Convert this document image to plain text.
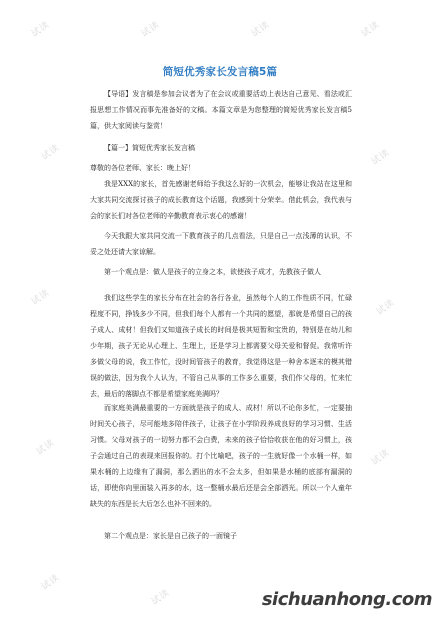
试读	试读	试读	试读
试读	试读
试读
试读
试读
试读
试读
试读
简短优秀家长发言稿5篇
【导语】发言稿是参加会议者为了在会议或重要活动上表达自己意见、看法或汇报思想工作情况而事先准备好的文稿。本篇文章是为您整理的简短优秀家长发言稿5篇，供大家阅读与鉴赏！
【篇一】简短优秀家长发言稿
尊敬的各位老师、家长：晚上好！
我是XXX的家长，首先感谢老师给予我这么好的一次机会，能够让我站在这里和大家共同交流探讨孩子的成长教育这个话题，我感到十分荣幸。借此机会，我代表与会的家长们对各位老师的辛勤教育表示衷心的感谢！
今天我跟大家共同交流一下教育孩子的几点看法，只是自己一点浅薄的认识，不妥之处还请大家谅解。
第一个观点是：做人是孩子的立身之本，欲使孩子成才，先教孩子做人
我们这些学生的家长分布在社会的各行各业，虽然每个人的工作性质不同，忙碌程度不同，挣钱多少不同，但我们每个人都有一个共同的愿望，那就是希望自己的孩子成人、成材！但我们又知道孩子成长的时间是极其短暂和宝贵的，特别是在幼儿和少年期，孩子无论从心理上、生理上，还是学习上都需要父母关爱和督促。我常听许多做父母的说，我工作忙，没时间管孩子的教育，我觉得这是一种舍本逐末的模其错误的做法，因为我个人认为，不管自己从事的工作多么重要，我们作父母的，忙来忙去，最后的落脚点不都是希望家庭美满吗？
而家庭美满最重要的一方面就是孩子的成人、成材！所以不论你多忙，一定要抽时间关心孩子，尽可能地多陪伴孩子，让孩子在小学阶段养成良好的学习习惯、生活习惯。父母对孩子的一切努力都不会白费，未来的孩子恰恰收获在他的好习惯上，孩子会通过自己的表现来回报你的。打个比喻吧，孩子的一生就好像一个水桶一样，如果水桶的上边缘有了漏洞，那么洒出的水不会太多，但如果是水桶的底部有漏洞的话，即使你向里面装入再多的水，这一整桶水最后还是会全部洒光。所以一个人童年缺失的东西是长大后怎么也补不回来的。
第二个观点是：家长是自己孩子的一面镜子
sichuanhong.com
